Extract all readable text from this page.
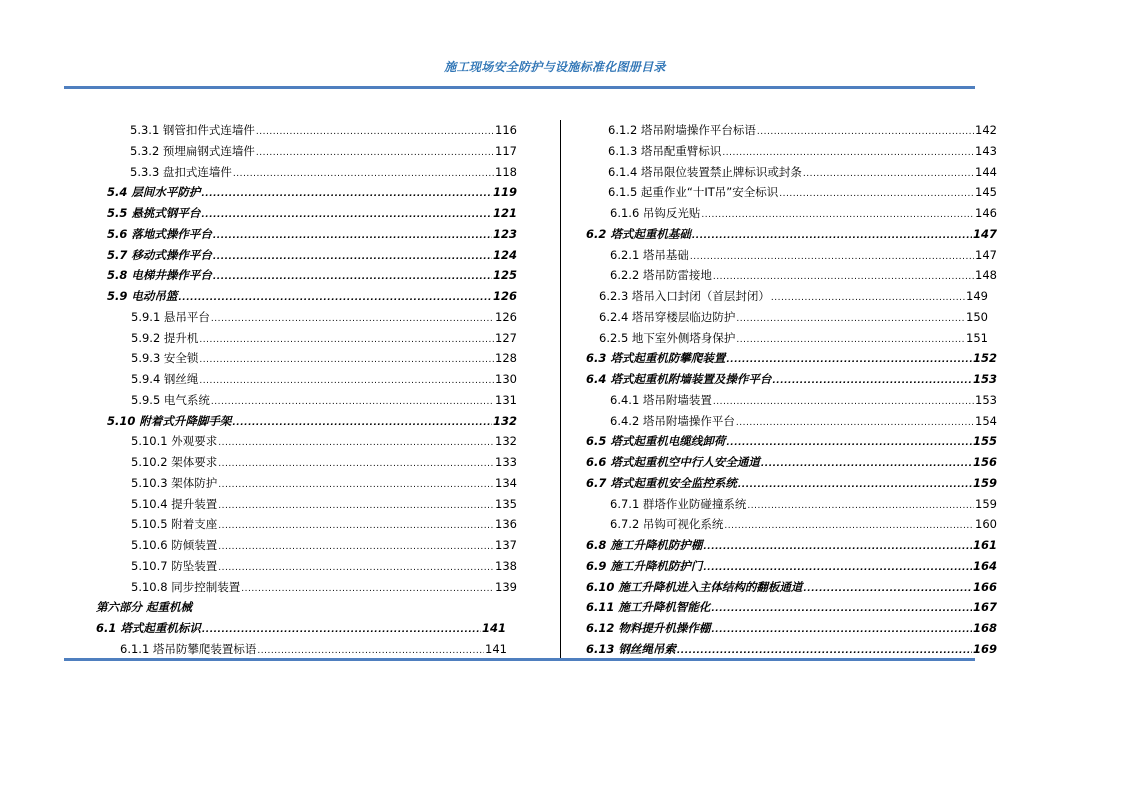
施工现场安全防护与设施标准化图册目录
5.3.1 钢管扣件式连墙件 .....	116
5.3.2 预埋扁钢式连墙件 .....	117
5.3.3 盘扣式连墙件 .....	118
5.4 层间水平防护 .....	119
5.5 悬挑式钢平台 .....	121
5.6 落地式操作平台 .....	123
5.7 移动式操作平台 .....	124
5.8 电梯井操作平台 .....	125
5.9 电动吊篮 .....	126
5.9.1 悬吊平台 .....	126
5.9.2 提升机 .....	127
5.9.3 安全锁 .....	128
5.9.4 钢丝绳 .....	130
5.9.5 电气系统 .....	131
5.10 附着式升降脚手架 .....	132
5.10.1 外观要求 .....	132
5.10.2 架体要求 .....	133
5.10.3 架体防护 .....	134
5.10.4 提升装置 .....	135
5.10.5 附着支座 .....	136
5.10.6 防倾装置 .....	137
5.10.7 防坠装置 .....	138
5.10.8 同步控制装置 .....	139
第六部分 起重机械
6.1 塔式起重机标识 .....	141
6.1.1 塔吊防攀爬装置标语 .....	141
6.1.2 塔吊附墙操作平台标语 .....	142
6.1.3 塔吊配重臂标识 .....	143
6.1.4 塔吊限位装置禁止牌标识或封条 .....	144
6.1.5 起重作业“十IT吊”安全标识 .....	145
6.1.6 吊钩反光贴 .....	146
6.2 塔式起重机基础 .....	147
6.2.1 塔吊基础 .....	147
6.2.2 塔吊防雷接地 .....	148
6.2.3 塔吊入口封闭（首层封闭） .....	149
6.2.4 塔吊穿楼层临边防护 .....	150
6.2.5 地下室外侧塔身保护 .....	151
6.3 塔式起重机防攀爬装置 .....	152
6.4 塔式起重机附墙装置及操作平台 .....	153
6.4.1 塔吊附墙装置 .....	153
6.4.2 塔吊附墙操作平台 .....	154
6.5 塔式起重机电缆线卸荷 .....	155
6.6 塔式起重机空中行人安全通道 .....	156
6.7 塔式起重机安全监控系统 .....	159
6.7.1 群塔作业防碰撞系统 .....	159
6.7.2 吊钩可视化系统 .....	160
6.8 施工升降机防护棚 .....	161
6.9 施工升降机防护门 .....	164
6.10 施工升降机进入主体结构的翻板通道 .....	166
6.11 施工升降机智能化 .....	167
6.12 物料提升机操作棚 .....	168
6.13 钢丝绳吊索 .....	169
